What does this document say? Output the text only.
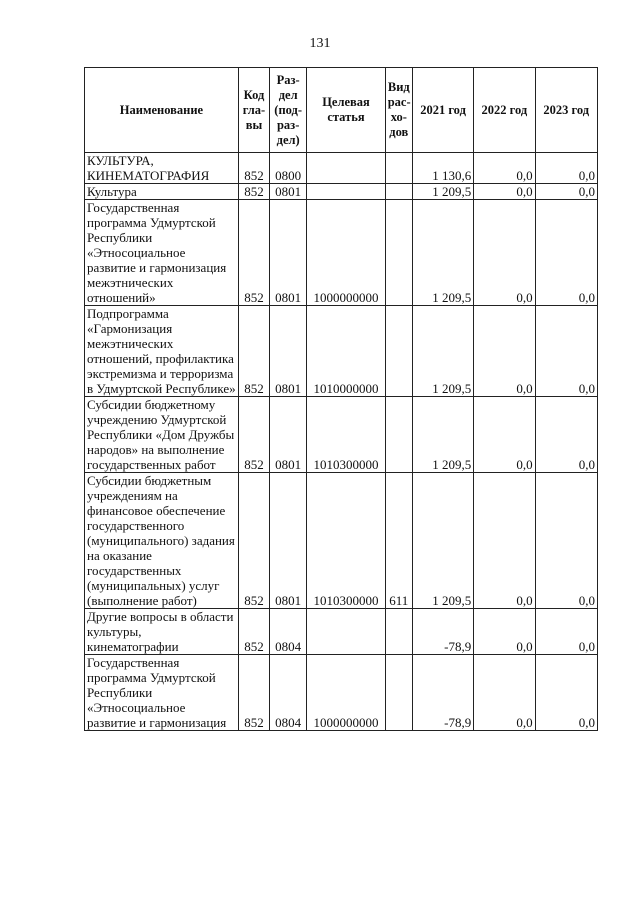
131
Наименование	Код гла-вы	Раз-дел (под-раз-дел)	Целевая статья	Вид рас-хо-дов	2021 год	2022 год	2023 год
КУЛЬТУРА, КИНЕМАТОГРАФИЯ	852	0800			1 130,6	0,0	0,0
Культура	852	0801			1 209,5	0,0	0,0
Государственная программа Удмуртской Республики «Этносоциальное развитие и гармонизация межэтнических отношений»	852	0801	1000000000		1 209,5	0,0	0,0
Подпрограмма «Гармонизация межэтнических отношений, профилактика экстремизма и терроризма в Удмуртской Республике»	852	0801	1010000000		1 209,5	0,0	0,0
Субсидии бюджетному учреждению Удмуртской Республики «Дом Дружбы народов» на выполнение государственных работ	852	0801	1010300000		1 209,5	0,0	0,0
Субсидии бюджетным учреждениям на финансовое обеспечение государственного (муниципального) задания на оказание государственных (муниципальных) услуг (выполнение работ)	852	0801	1010300000	611	1 209,5	0,0	0,0
Другие вопросы в области культуры, кинематографии	852	0804			-78,9	0,0	0,0
Государственная программа Удмуртской Республики «Этносоциальное развитие и гармонизация	852	0804	1000000000		-78,9	0,0	0,0
